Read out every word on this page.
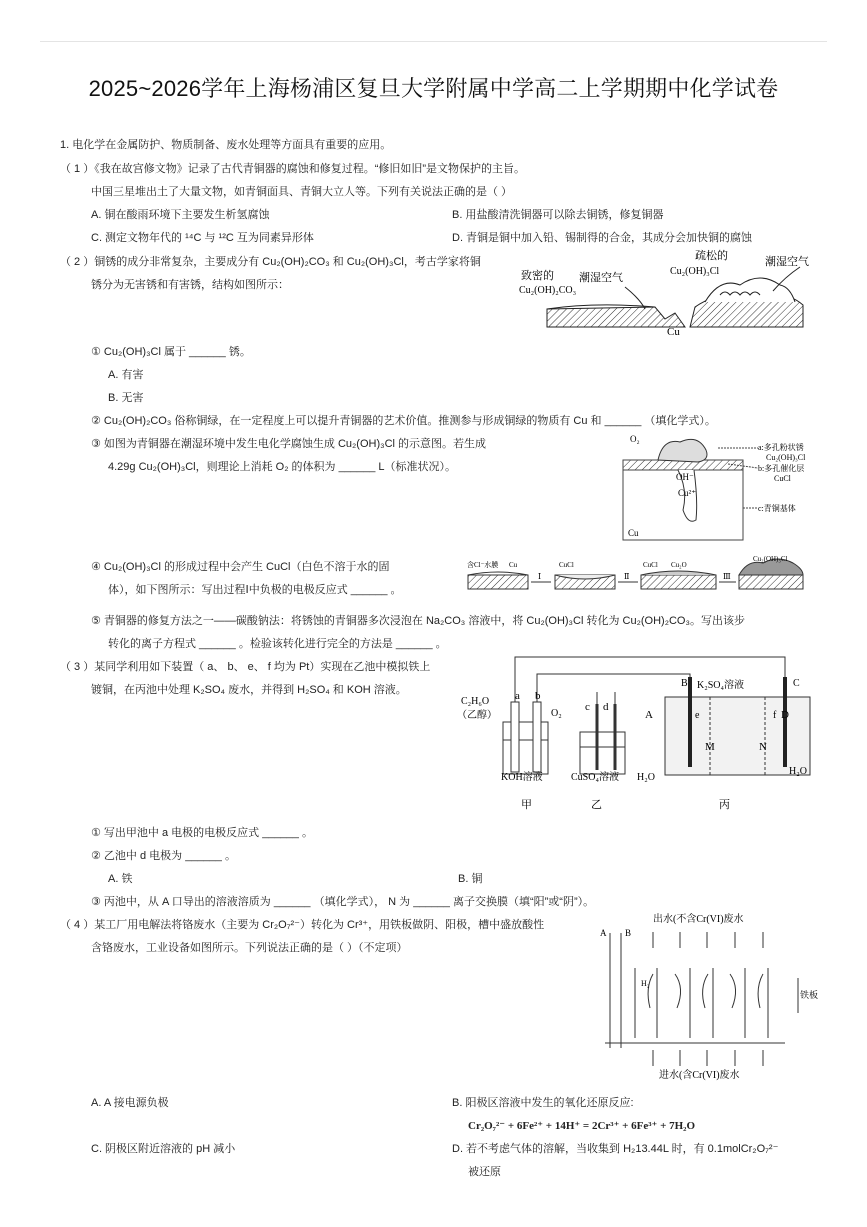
2025~2026学年上海杨浦区复旦大学附属中学高二上学期期中化学试卷
1. 电化学在金属防护、物质制备、废水处理等方面具有重要的应用。
（ 1 ）《我在故宫修文物》记录了古代青铜器的腐蚀和修复过程。“修旧如旧”是文物保护的主旨。
中国三星堆出土了大量文物，如青铜面具、青铜大立人等。下列有关说法正确的是（ ）
A. 铜在酸雨环境下主要发生析氢腐蚀	B. 用盐酸清洗铜器可以除去铜锈，修复铜器
C. 测定文物年代的 ¹⁴C 与 ¹²C 互为同素异形体	D. 青铜是铜中加入铅、锡制得的合金，其成分会加快铜的腐蚀
（ 2 ）铜锈的成分非常复杂，主要成分有 Cu₂(OH)₂CO₃ 和 Cu₂(OH)₃Cl，考古学家将铜
锈分为无害锈和有害锈，结构如图所示：
致密的
Cu₂(OH)₂CO₃
潮湿空气
疏松的
Cu₂(OH)₃Cl
潮湿空气
Cu
① Cu₂(OH)₃Cl 属于 ______ 锈。
A. 有害
B. 无害
② Cu₂(OH)₂CO₃ 俗称铜绿，在一定程度上可以提升青铜器的艺术价值。推测参与形成铜绿的物质有 Cu 和 ______ （填化学式）。
③ 如图为青铜器在潮湿环境中发生电化学腐蚀生成 Cu₂(OH)₃Cl 的示意图。若生成
4.29g Cu₂(OH)₃Cl，则理论上消耗 O₂ 的体积为 ______ L（标准状况）。
O₂
OH⁻
Cu²⁺
Cu
a:多孔粉状锈
Cu₂(OH)₃Cl
b:多孔催化层
CuCl
c:青铜基体
④ Cu₂(OH)₃Cl 的形成过程中会产生 CuCl（白色不溶于水的固
体），如下图所示：写出过程Ⅰ中负极的电极反应式 ______ 。
含Cl⁻水膜 Cu	CuCl	CuCl Cu₂O
Cu₂(OH)₃Cl
Ⅰ	Ⅱ	Ⅲ
⑤ 青铜器的修复方法之一——碳酸钠法：将锈蚀的青铜器多次浸泡在 Na₂CO₃ 溶液中，将 Cu₂(OH)₃Cl 转化为 Cu₂(OH)₂CO₃。写出该步
转化的离子方程式 ______ 。检验该转化进行完全的方法是 ______ 。
（ 3 ）某同学利用如下装置（ a、 b、 e、 f 均为 Pt）实现在乙池中模拟铁上
镀铜，在丙池中处理 K₂SO₄ 废水，并得到 H₂SO₄ 和 KOH 溶液。
C₂H₆O
（乙醇）
a b
O₂
KOH溶液
甲
c d
CuSO₄溶液
乙
B K₂SO₄溶液	C
A	D
e	f
M	N
H₂O
H₂O
丙
① 写出甲池中 a 电极的电极反应式 ______ 。
② 乙池中 d 电极为 ______ 。
A. 铁	B. 铜
③ 丙池中，从 A 口导出的溶液溶质为 ______ （填化学式）， N 为 ______ 离子交换膜（填“阳”或“阴”）。
（ 4 ）某工厂用电解法将铬废水（主要为 Cr₂O₇²⁻）转化为 Cr³⁺，用铁板做阴、阳极，槽中盛放酸性
含铬废水，工业设备如图所示。下列说法正确的是（ ）（不定项）
出水(不含Cr(VI)废水
进水(含Cr(VI)废水
A B
H₂
铁板
A. A 接电源负极	B. 阳极区溶液中发生的氧化还原反应:
Cr₂O₇²⁻ + 6Fe²⁺ + 14H⁺ = 2Cr³⁺ + 6Fe³⁺ + 7H₂O
C. 阴极区附近溶液的 pH 减小	D. 若不考虑气体的溶解，当收集到 H₂13.44L 时，有 0.1molCr₂O₇²⁻
被还原
